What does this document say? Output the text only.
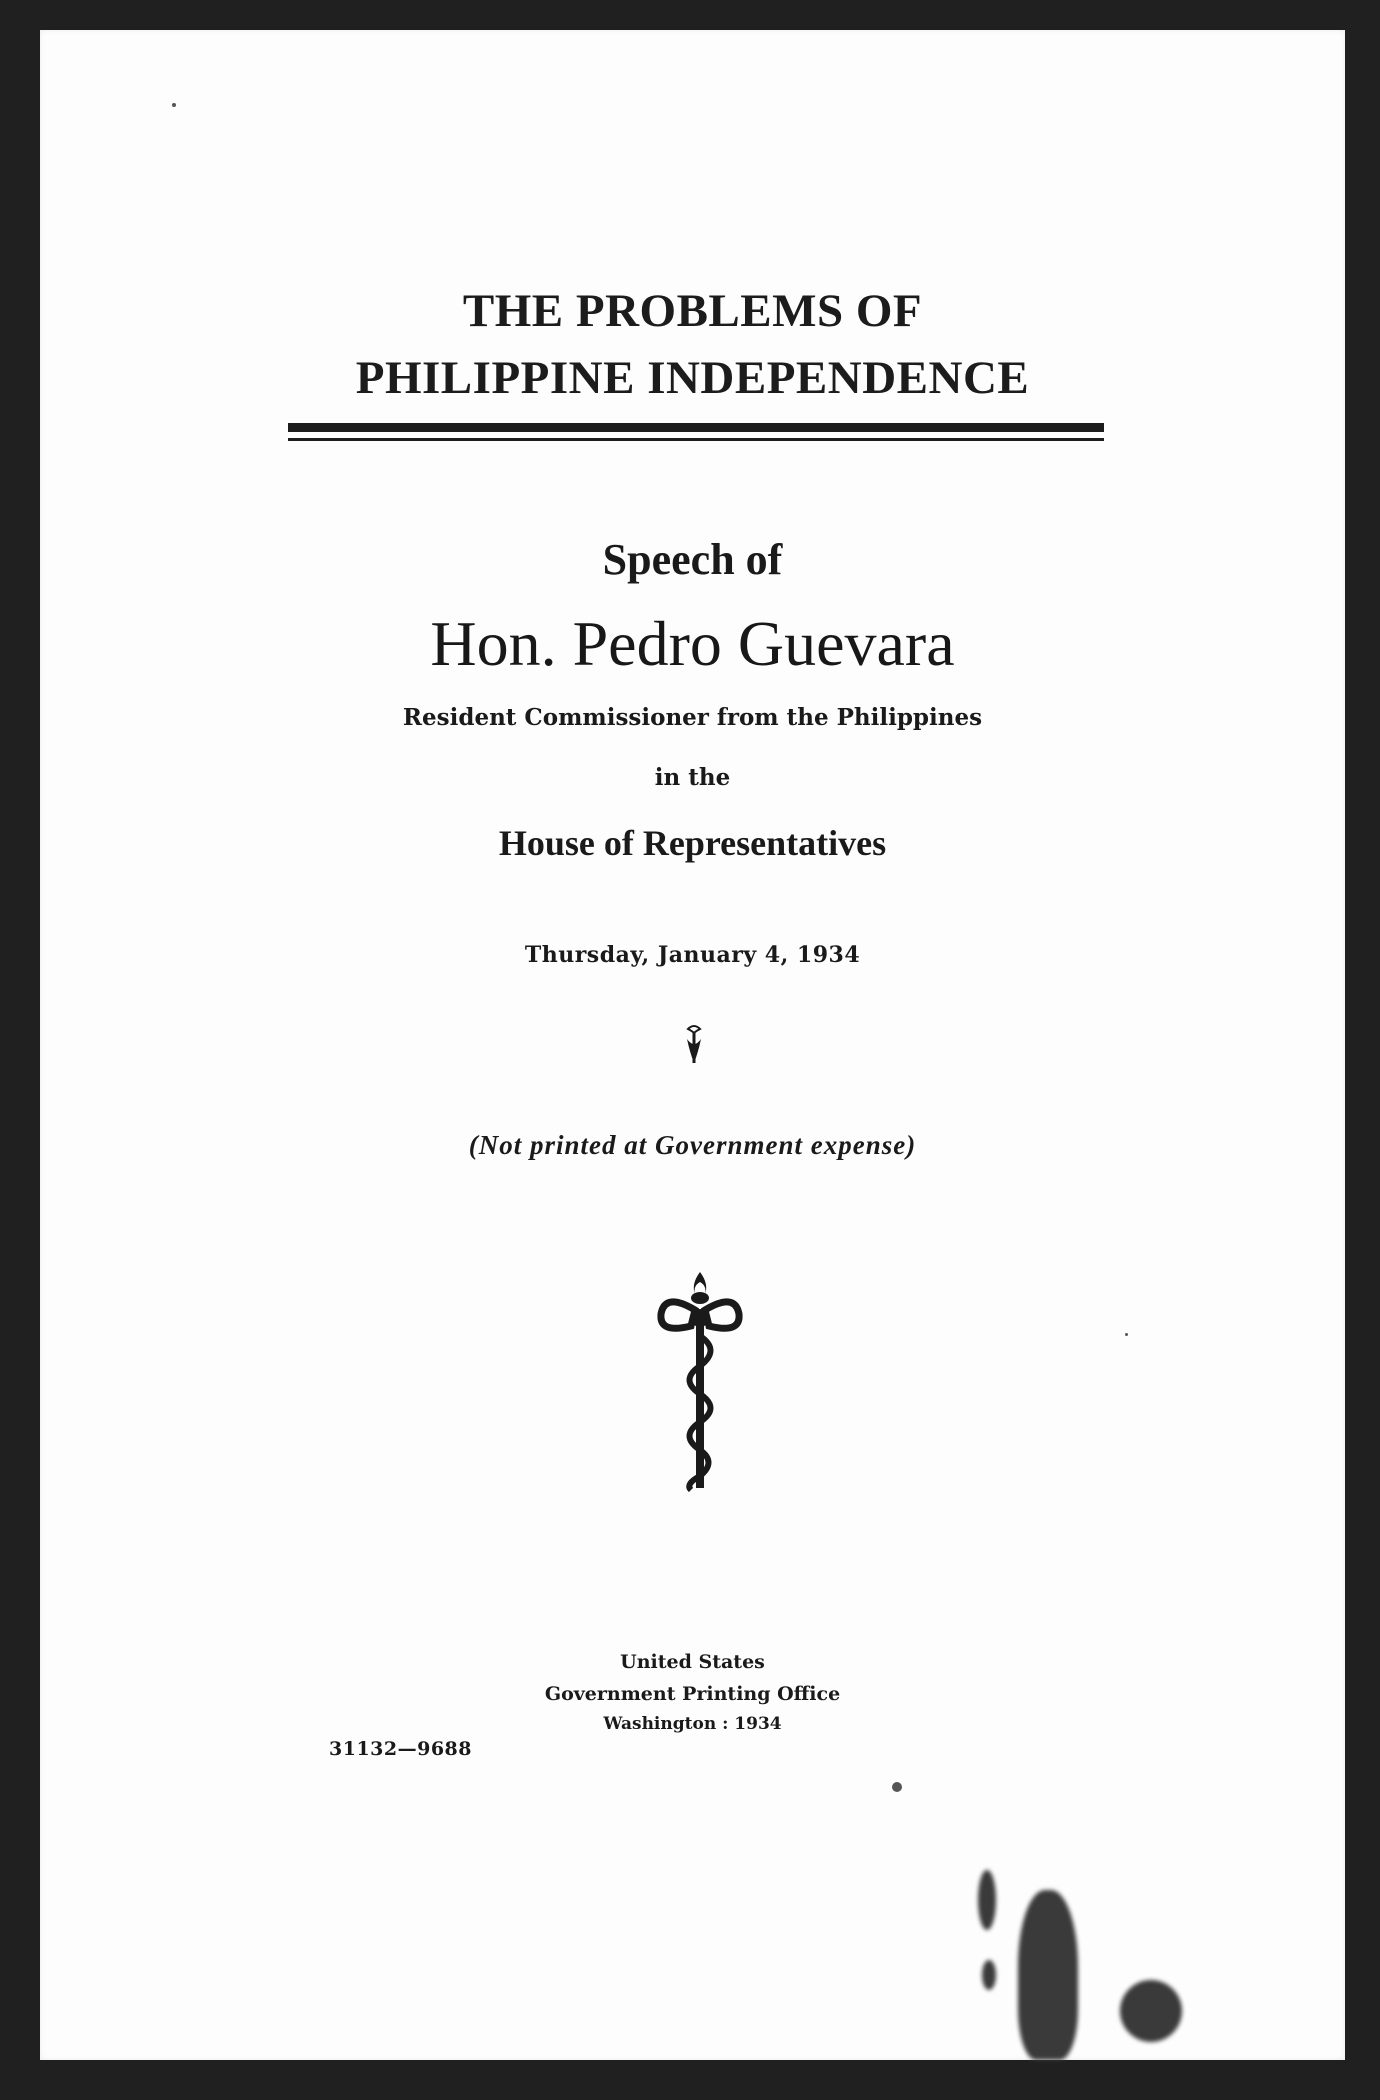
THE PROBLEMS OF
PHILIPPINE INDEPENDENCE
Speech of
Hon. Pedro Guevara
Resident Commissioner from the Philippines
in the
House of Representatives
Thursday, January 4, 1934
(Not printed at Government expense)
United States
Government Printing Office
Washington : 1934
31132—9688
